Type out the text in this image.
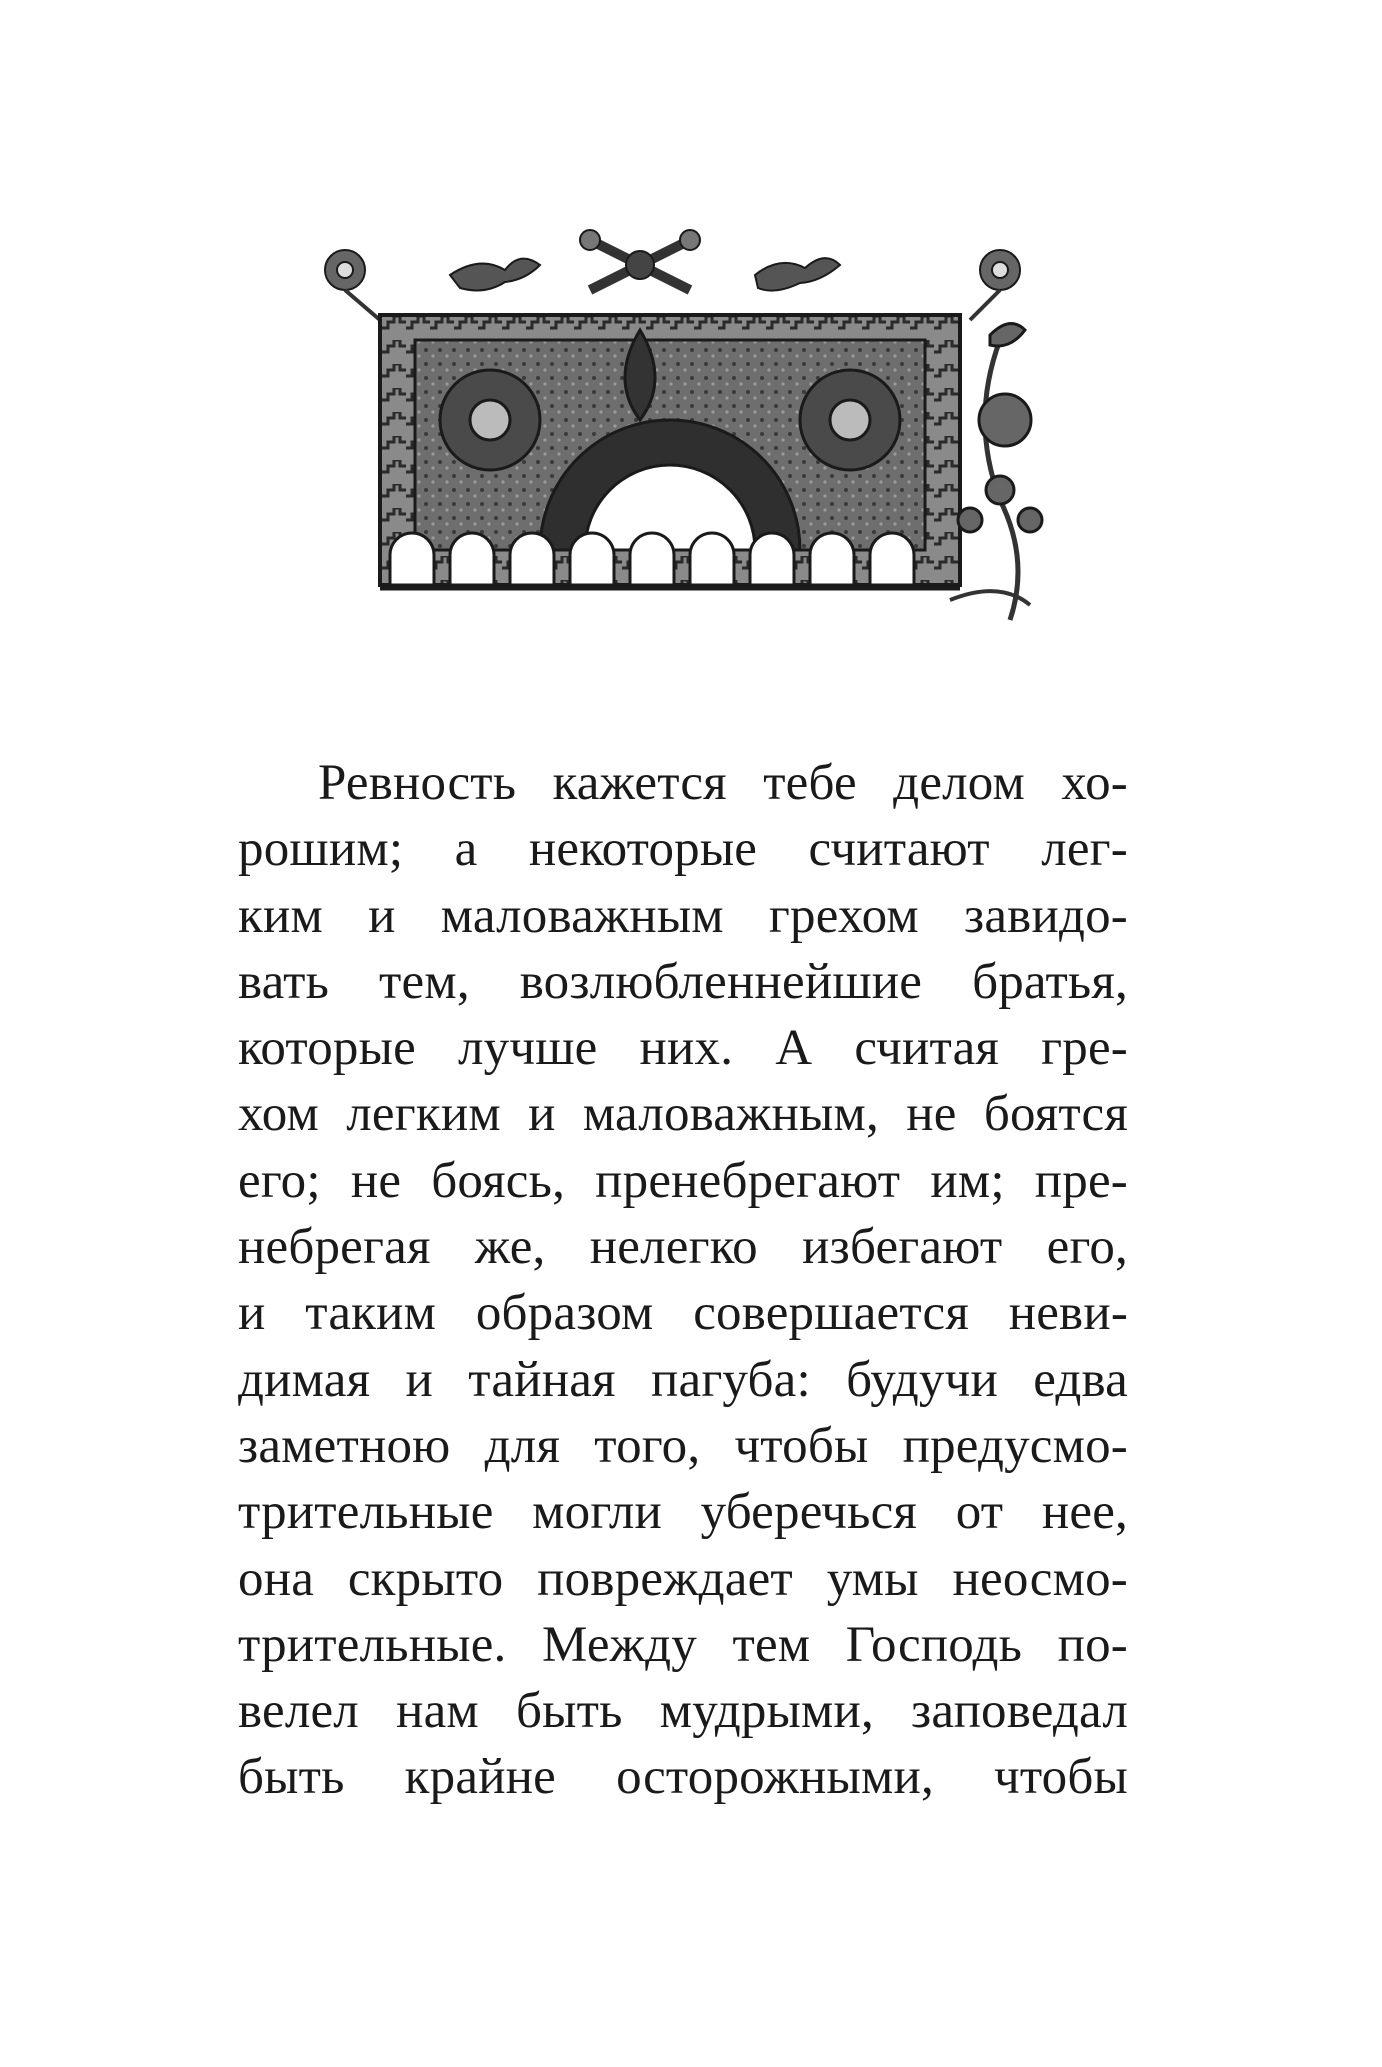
Ревность кажется тебе делом хо-
рошим; а некоторые считают лег-
ким и маловажным грехом завидо-
вать тем, возлюбленнейшие братья,
которые лучше них. А считая гре-
хом легким и маловажным, не боятся
его; не боясь, пренебрегают им; пре-
небрегая же, нелегко избегают его,
и таким образом совершается неви-
димая и тайная пагуба: будучи едва
заметною для того, чтобы предусмо-
трительные могли уберечься от нее,
она скрыто повреждает умы неосмо-
трительные. Между тем Господь по-
велел нам быть мудрыми, заповедал
быть крайне осторожными, чтобы
